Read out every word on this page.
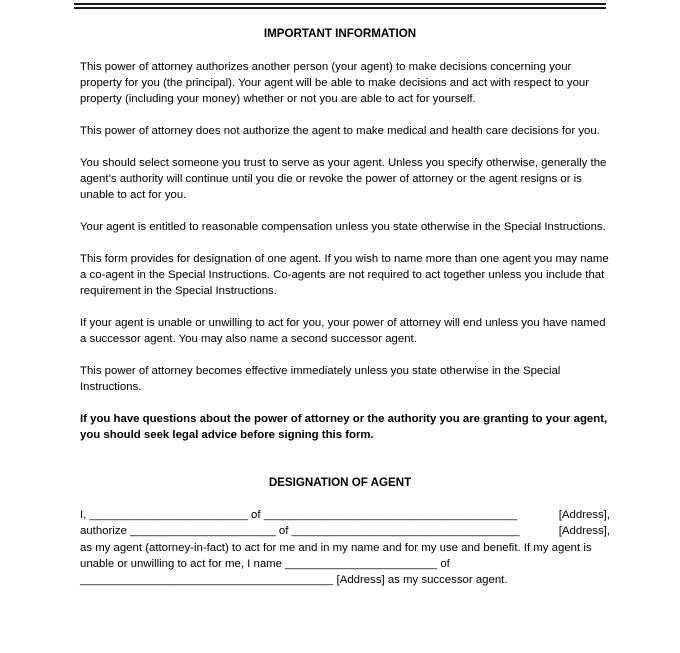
IMPORTANT INFORMATION
This power of attorney authorizes another person (your agent) to make decisions concerning your
property for you (the principal). Your agent will be able to make decisions and act with respect to your
property (including your money) whether or not you are able to act for yourself.
This power of attorney does not authorize the agent to make medical and health care decisions for you.
You should select someone you trust to serve as your agent. Unless you specify otherwise, generally the
agent’s authority will continue until you die or revoke the power of attorney or the agent resigns or is
unable to act for you.
Your agent is entitled to reasonable compensation unless you state otherwise in the Special Instructions.
This form provides for designation of one agent. If you wish to name more than one agent you may name
a co-agent in the Special Instructions. Co-agents are not required to act together unless you include that
requirement in the Special Instructions.
If your agent is unable or unwilling to act for you, your power of attorney will end unless you have named
a successor agent. You may also name a second successor agent.
This power of attorney becomes effective immediately unless you state otherwise in the Special
Instructions.
If you have questions about the power of attorney or the authority you are granting to your agent,
you should seek legal advice before signing this form.
DESIGNATION OF AGENT
I, _________________________ of ________________________________________	[Address],
authorize _______________________ of ____________________________________	[Address],
as my agent (attorney-in-fact) to act for me and in my name and for my use and benefit. If my agent is
unable or unwilling to act for me, I name ________________________ of
________________________________________ [Address] as my successor agent.
